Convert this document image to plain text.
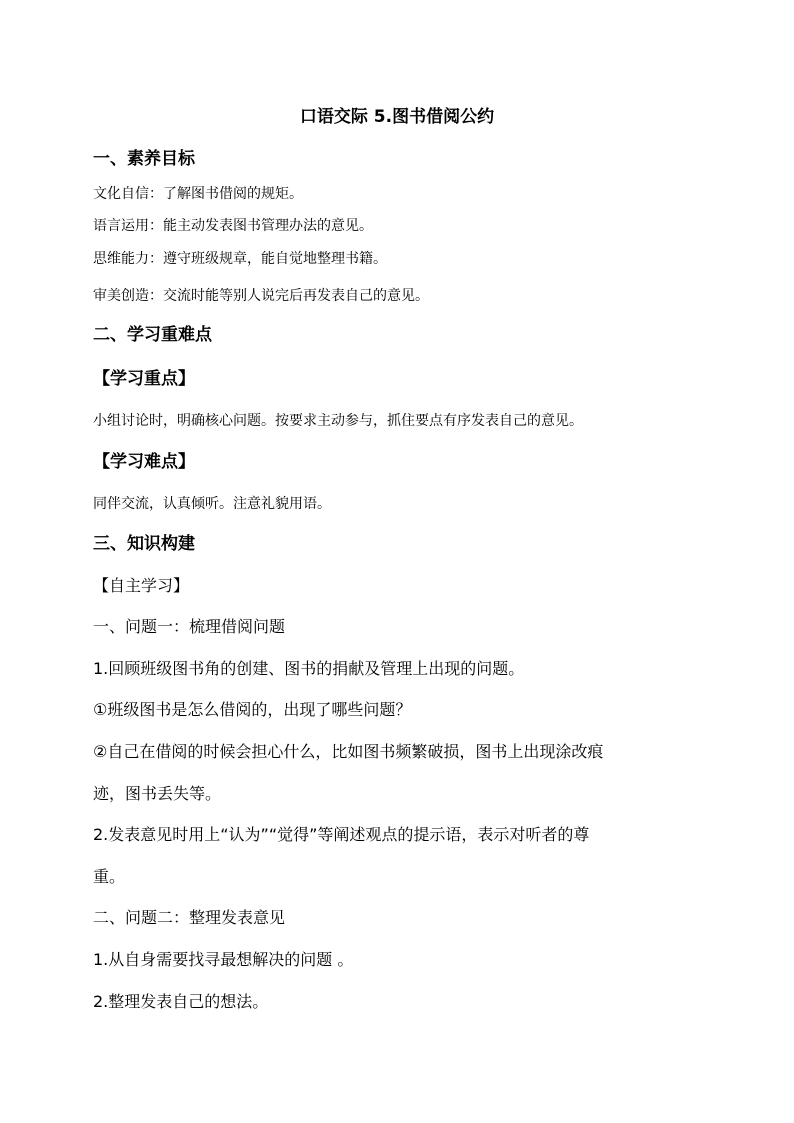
口语交际 5.图书借阅公约
一、素养目标
文化自信：了解图书借阅的规矩。
语言运用：能主动发表图书管理办法的意见。
思维能力：遵守班级规章，能自觉地整理书籍。
审美创造：交流时能等别人说完后再发表自己的意见。
二、学习重难点
【学习重点】
小组讨论时，明确核心问题。按要求主动参与，抓住要点有序发表自己的意见。
【学习难点】
同伴交流，认真倾听。注意礼貌用语。
三、知识构建
【自主学习】
一、问题一：梳理借阅问题
1.回顾班级图书角的创建、图书的捐献及管理上出现的问题。
①班级图书是怎么借阅的，出现了哪些问题？
②自己在借阅的时候会担心什么，比如图书频繁破损，图书上出现涂改痕
迹，图书丢失等。
2.发表意见时用上“认为”“觉得”等阐述观点的提示语，表示对听者的尊
重。
二、问题二：整理发表意见
1.从自身需要找寻最想解决的问题 。
2.整理发表自己的想法。
